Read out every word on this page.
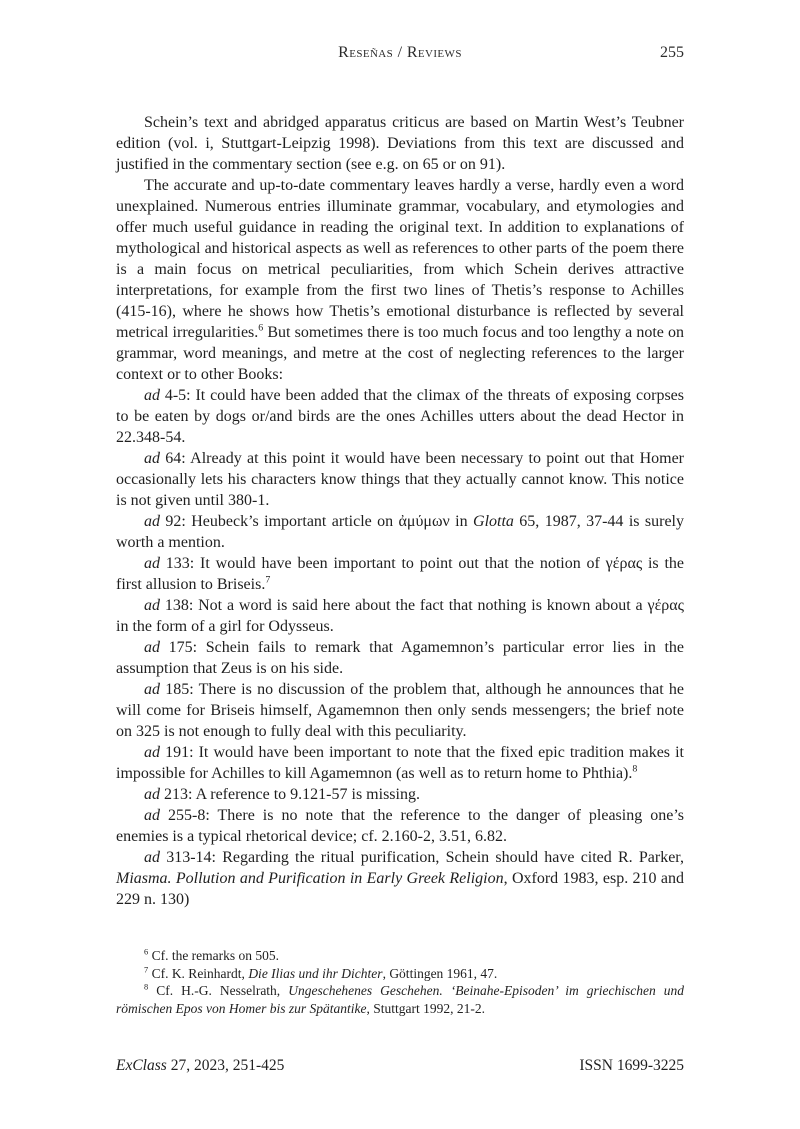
Reseñas / Reviews	255

Schein’s text and abridged apparatus criticus are based on Martin West’s Teubner edition (vol. i, Stuttgart-Leipzig 1998). Deviations from this text are discussed and justified in the commentary section (see e.g. on 65 or on 91).

The accurate and up-to-date commentary leaves hardly a verse, hardly even a word unexplained. Numerous entries illuminate grammar, vocabulary, and etymologies and offer much useful guidance in reading the original text. In addition to explanations of mythological and historical aspects as well as references to other parts of the poem there is a main focus on metrical peculiarities, from which Schein derives attractive interpretations, for example from the first two lines of Thetis’s response to Achilles (415-16), where he shows how Thetis’s emotional disturbance is reflected by several metrical irregularities.$^6$ But sometimes there is too much focus and too lengthy a note on grammar, word meanings, and metre at the cost of neglecting references to the larger context or to other Books:

ad 4-5: It could have been added that the climax of the threats of exposing corpses to be eaten by dogs or/and birds are the ones Achilles utters about the dead Hector in 22.348-54.

ad 64: Already at this point it would have been necessary to point out that Homer occasionally lets his characters know things that they actually cannot know. This notice is not given until 380-1.

ad 92: Heubeck’s important article on ἀμύμων in Glotta 65, 1987, 37-44 is surely worth a mention.

ad 133: It would have been important to point out that the notion of γέρας is the first allusion to Briseis.$^7$

ad 138: Not a word is said here about the fact that nothing is known about a γέρας in the form of a girl for Odysseus.

ad 175: Schein fails to remark that Agamemnon’s particular error lies in the assumption that Zeus is on his side.

ad 185: There is no discussion of the problem that, although he announces that he will come for Briseis himself, Agamemnon then only sends messengers; the brief note on 325 is not enough to fully deal with this peculiarity.

ad 191: It would have been important to note that the fixed epic tradition makes it impossible for Achilles to kill Agamemnon (as well as to return home to Phthia).$^8$

ad 213: A reference to 9.121-57 is missing.

ad 255-8: There is no note that the reference to the danger of pleasing one’s enemies is a typical rhetorical device; cf. 2.160-2, 3.51, 6.82.

ad 313-14: Regarding the ritual purification, Schein should have cited R. Parker, Miasma. Pollution and Purification in Early Greek Religion, Oxford 1983, esp. 210 and 229 n. 130)

$^6$ Cf. the remarks on 505.

$^7$ Cf. K. Reinhardt, Die Ilias und ihr Dichter, Göttingen 1961, 47.

$^8$ Cf. H.-G. Nesselrath, Ungeschehenes Geschehen. ‘Beinahe-Episoden’ im griechischen und römischen Epos von Homer bis zur Spätantike, Stuttgart 1992, 21-2.

ExClass 27, 2023, 251-425	ISSN 1699-3225
